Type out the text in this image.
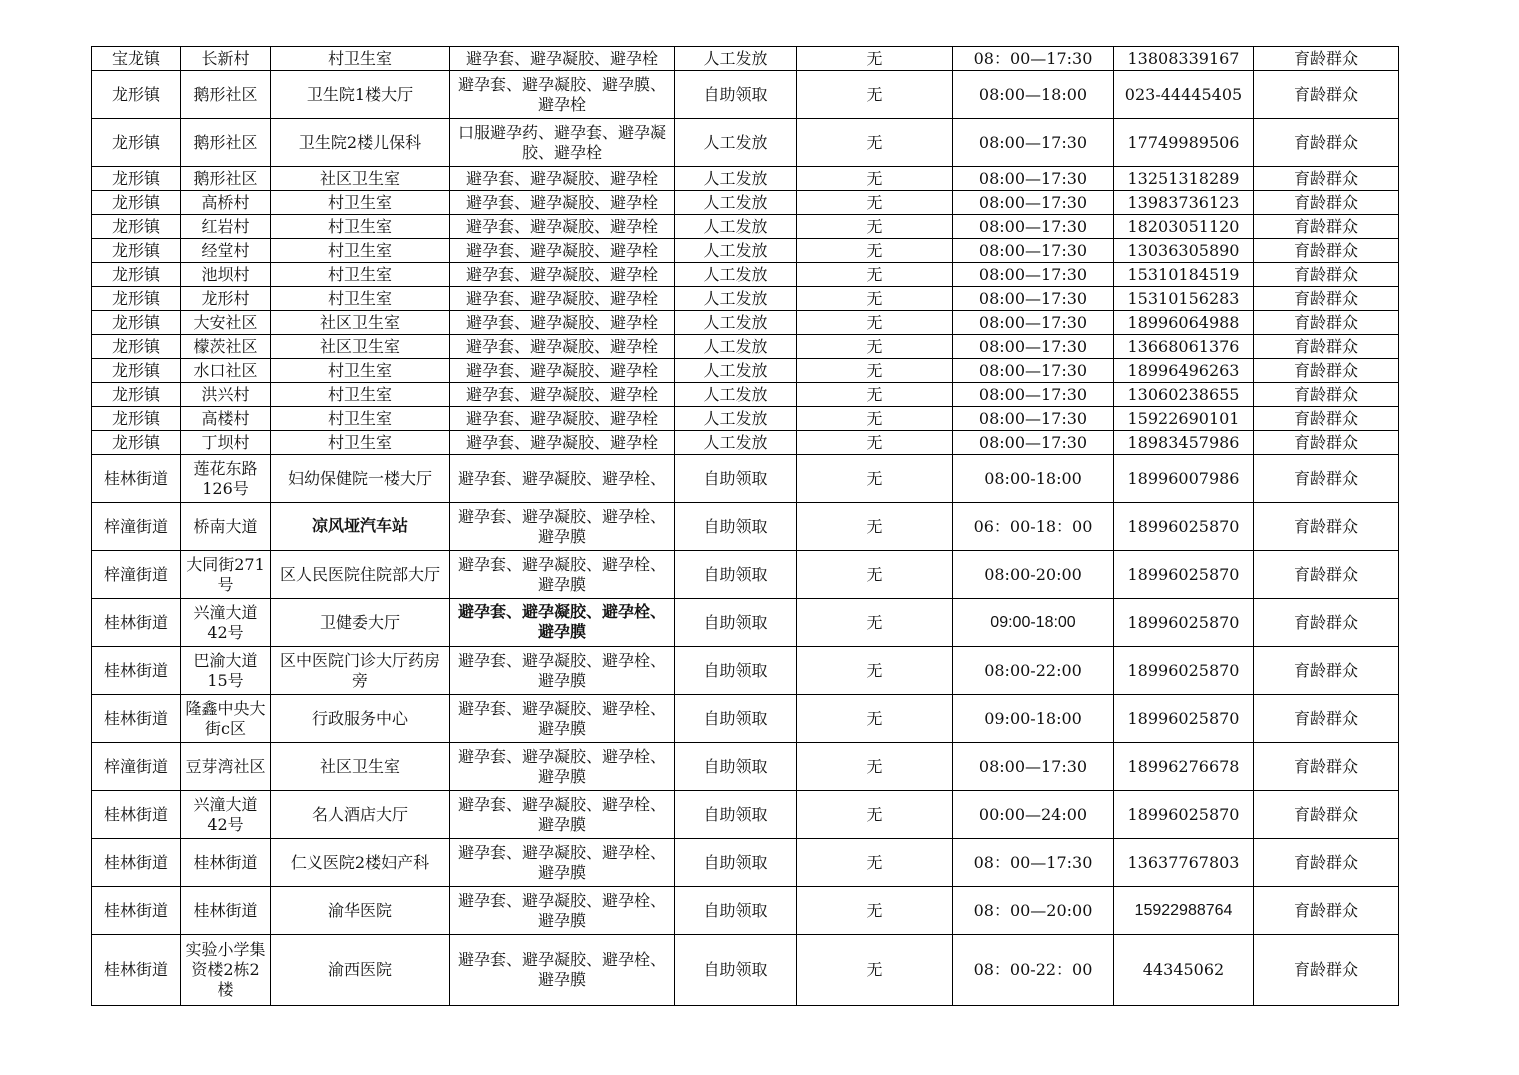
宝龙镇	长新村	村卫生室	避孕套、避孕凝胶、避孕栓	人工发放	无	08：00—17:30	13808339167	育龄群众
龙形镇	鹅形社区	卫生院1楼大厅	避孕套、避孕凝胶、避孕膜、避孕栓	自助领取	无	08:00—18:00	023-44445405	育龄群众
龙形镇	鹅形社区	卫生院2楼儿保科	口服避孕药、避孕套、避孕凝胶、避孕栓	人工发放	无	08:00—17:30	17749989506	育龄群众
龙形镇	鹅形社区	社区卫生室	避孕套、避孕凝胶、避孕栓	人工发放	无	08:00—17:30	13251318289	育龄群众
龙形镇	高桥村	村卫生室	避孕套、避孕凝胶、避孕栓	人工发放	无	08:00—17:30	13983736123	育龄群众
龙形镇	红岩村	村卫生室	避孕套、避孕凝胶、避孕栓	人工发放	无	08:00—17:30	18203051120	育龄群众
龙形镇	经堂村	村卫生室	避孕套、避孕凝胶、避孕栓	人工发放	无	08:00—17:30	13036305890	育龄群众
龙形镇	池坝村	村卫生室	避孕套、避孕凝胶、避孕栓	人工发放	无	08:00—17:30	15310184519	育龄群众
龙形镇	龙形村	村卫生室	避孕套、避孕凝胶、避孕栓	人工发放	无	08:00—17:30	15310156283	育龄群众
龙形镇	大安社区	社区卫生室	避孕套、避孕凝胶、避孕栓	人工发放	无	08:00—17:30	18996064988	育龄群众
龙形镇	檬茨社区	社区卫生室	避孕套、避孕凝胶、避孕栓	人工发放	无	08:00—17:30	13668061376	育龄群众
龙形镇	水口社区	村卫生室	避孕套、避孕凝胶、避孕栓	人工发放	无	08:00—17:30	18996496263	育龄群众
龙形镇	洪兴村	村卫生室	避孕套、避孕凝胶、避孕栓	人工发放	无	08:00—17:30	13060238655	育龄群众
龙形镇	高楼村	村卫生室	避孕套、避孕凝胶、避孕栓	人工发放	无	08:00—17:30	15922690101	育龄群众
龙形镇	丁坝村	村卫生室	避孕套、避孕凝胶、避孕栓	人工发放	无	08:00—17:30	18983457986	育龄群众
桂林街道	莲花东路126号	妇幼保健院一楼大厅	避孕套、避孕凝胶、避孕栓、	自助领取	无	08:00-18:00	18996007986	育龄群众
梓潼街道	桥南大道	凉风垭汽车站	避孕套、避孕凝胶、避孕栓、避孕膜	自助领取	无	06：00-18：00	18996025870	育龄群众
梓潼街道	大同街271号	区人民医院住院部大厅	避孕套、避孕凝胶、避孕栓、避孕膜	自助领取	无	08:00-20:00	18996025870	育龄群众
桂林街道	兴潼大道42号	卫健委大厅	避孕套、避孕凝胶、避孕栓、避孕膜	自助领取	无	09:00-18:00	18996025870	育龄群众
桂林街道	巴渝大道15号	区中医院门诊大厅药房旁	避孕套、避孕凝胶、避孕栓、避孕膜	自助领取	无	08:00-22:00	18996025870	育龄群众
桂林街道	隆鑫中央大街c区	行政服务中心	避孕套、避孕凝胶、避孕栓、避孕膜	自助领取	无	09:00-18:00	18996025870	育龄群众
梓潼街道	豆芽湾社区	社区卫生室	避孕套、避孕凝胶、避孕栓、避孕膜	自助领取	无	08:00—17:30	18996276678	育龄群众
桂林街道	兴潼大道42号	名人酒店大厅	避孕套、避孕凝胶、避孕栓、避孕膜	自助领取	无	00:00—24:00	18996025870	育龄群众
桂林街道	桂林街道	仁义医院2楼妇产科	避孕套、避孕凝胶、避孕栓、避孕膜	自助领取	无	08：00—17:30	13637767803	育龄群众
桂林街道	桂林街道	渝华医院	避孕套、避孕凝胶、避孕栓、避孕膜	自助领取	无	08：00—20:00	15922988764	育龄群众
桂林街道	实验小学集资楼2栋2楼	渝西医院	避孕套、避孕凝胶、避孕栓、避孕膜	自助领取	无	08：00-22：00	44345062	育龄群众
